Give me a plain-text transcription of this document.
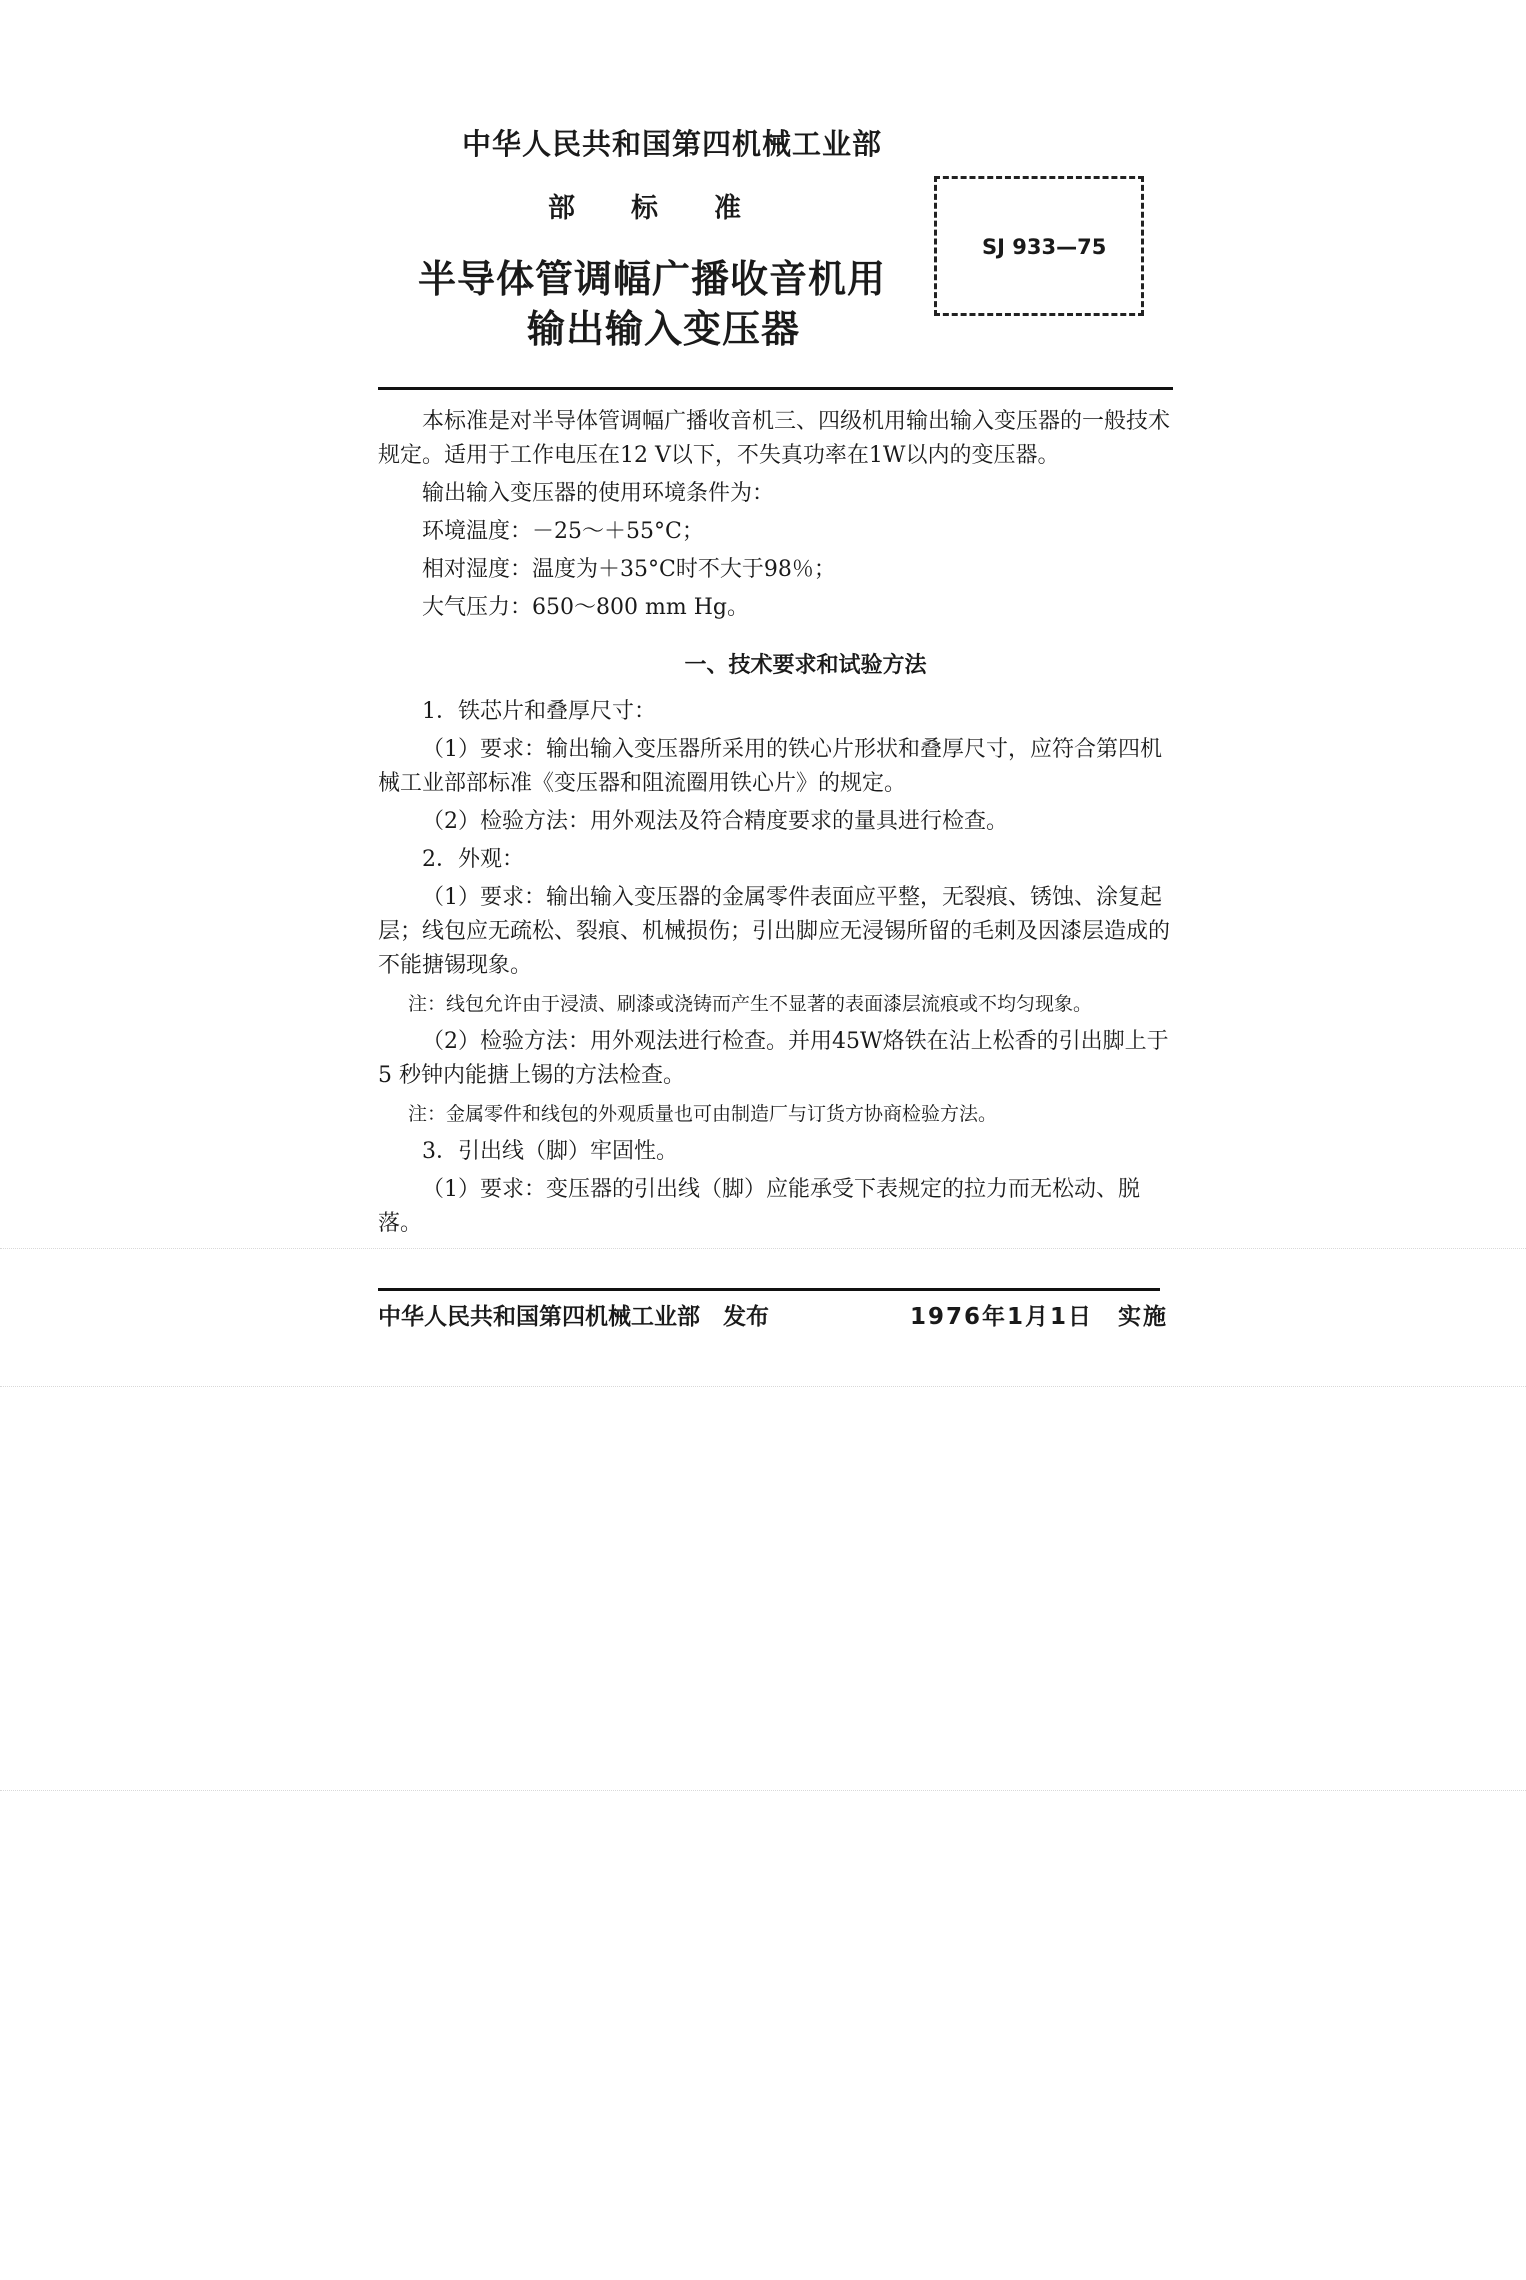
中华人民共和国第四机械工业部
部标准
半导体管调幅广播收音机用
输出输入变压器
SJ 933—75

本标准是对半导体管调幅广播收音机三、四级机用输出输入变压器的一般技术规定。适用于工作电压在12 V以下，不失真功率在1W以内的变压器。

输出输入变压器的使用环境条件为：

环境温度：－25～＋55°C；

相对湿度：温度为＋35°C时不大于98％；

大气压力：650～800 mm Hg。

一、技术要求和试验方法

1．铁芯片和叠厚尺寸：

（1）要求：输出输入变压器所采用的铁心片形状和叠厚尺寸，应符合第四机械工业部部标准《变压器和阻流圈用铁心片》的规定。

（2）检验方法：用外观法及符合精度要求的量具进行检查。

2．外观：

（1）要求：输出输入变压器的金属零件表面应平整，无裂痕、锈蚀、涂复起层；线包应无疏松、裂痕、机械损伤；引出脚应无浸锡所留的毛刺及因漆层造成的不能搪锡现象。

注：线包允许由于浸渍、刷漆或浇铸而产生不显著的表面漆层流痕或不均匀现象。

（2）检验方法：用外观法进行检查。并用45W烙铁在沾上松香的引出脚上于5 秒钟内能搪上锡的方法检查。

注：金属零件和线包的外观质量也可由制造厂与订货方协商检验方法。

3．引出线（脚）牢固性。

（1）要求：变压器的引出线（脚）应能承受下表规定的拉力而无松动、脱落。

中华人民共和国第四机械工业部　发布	1976年1月1日　实施
